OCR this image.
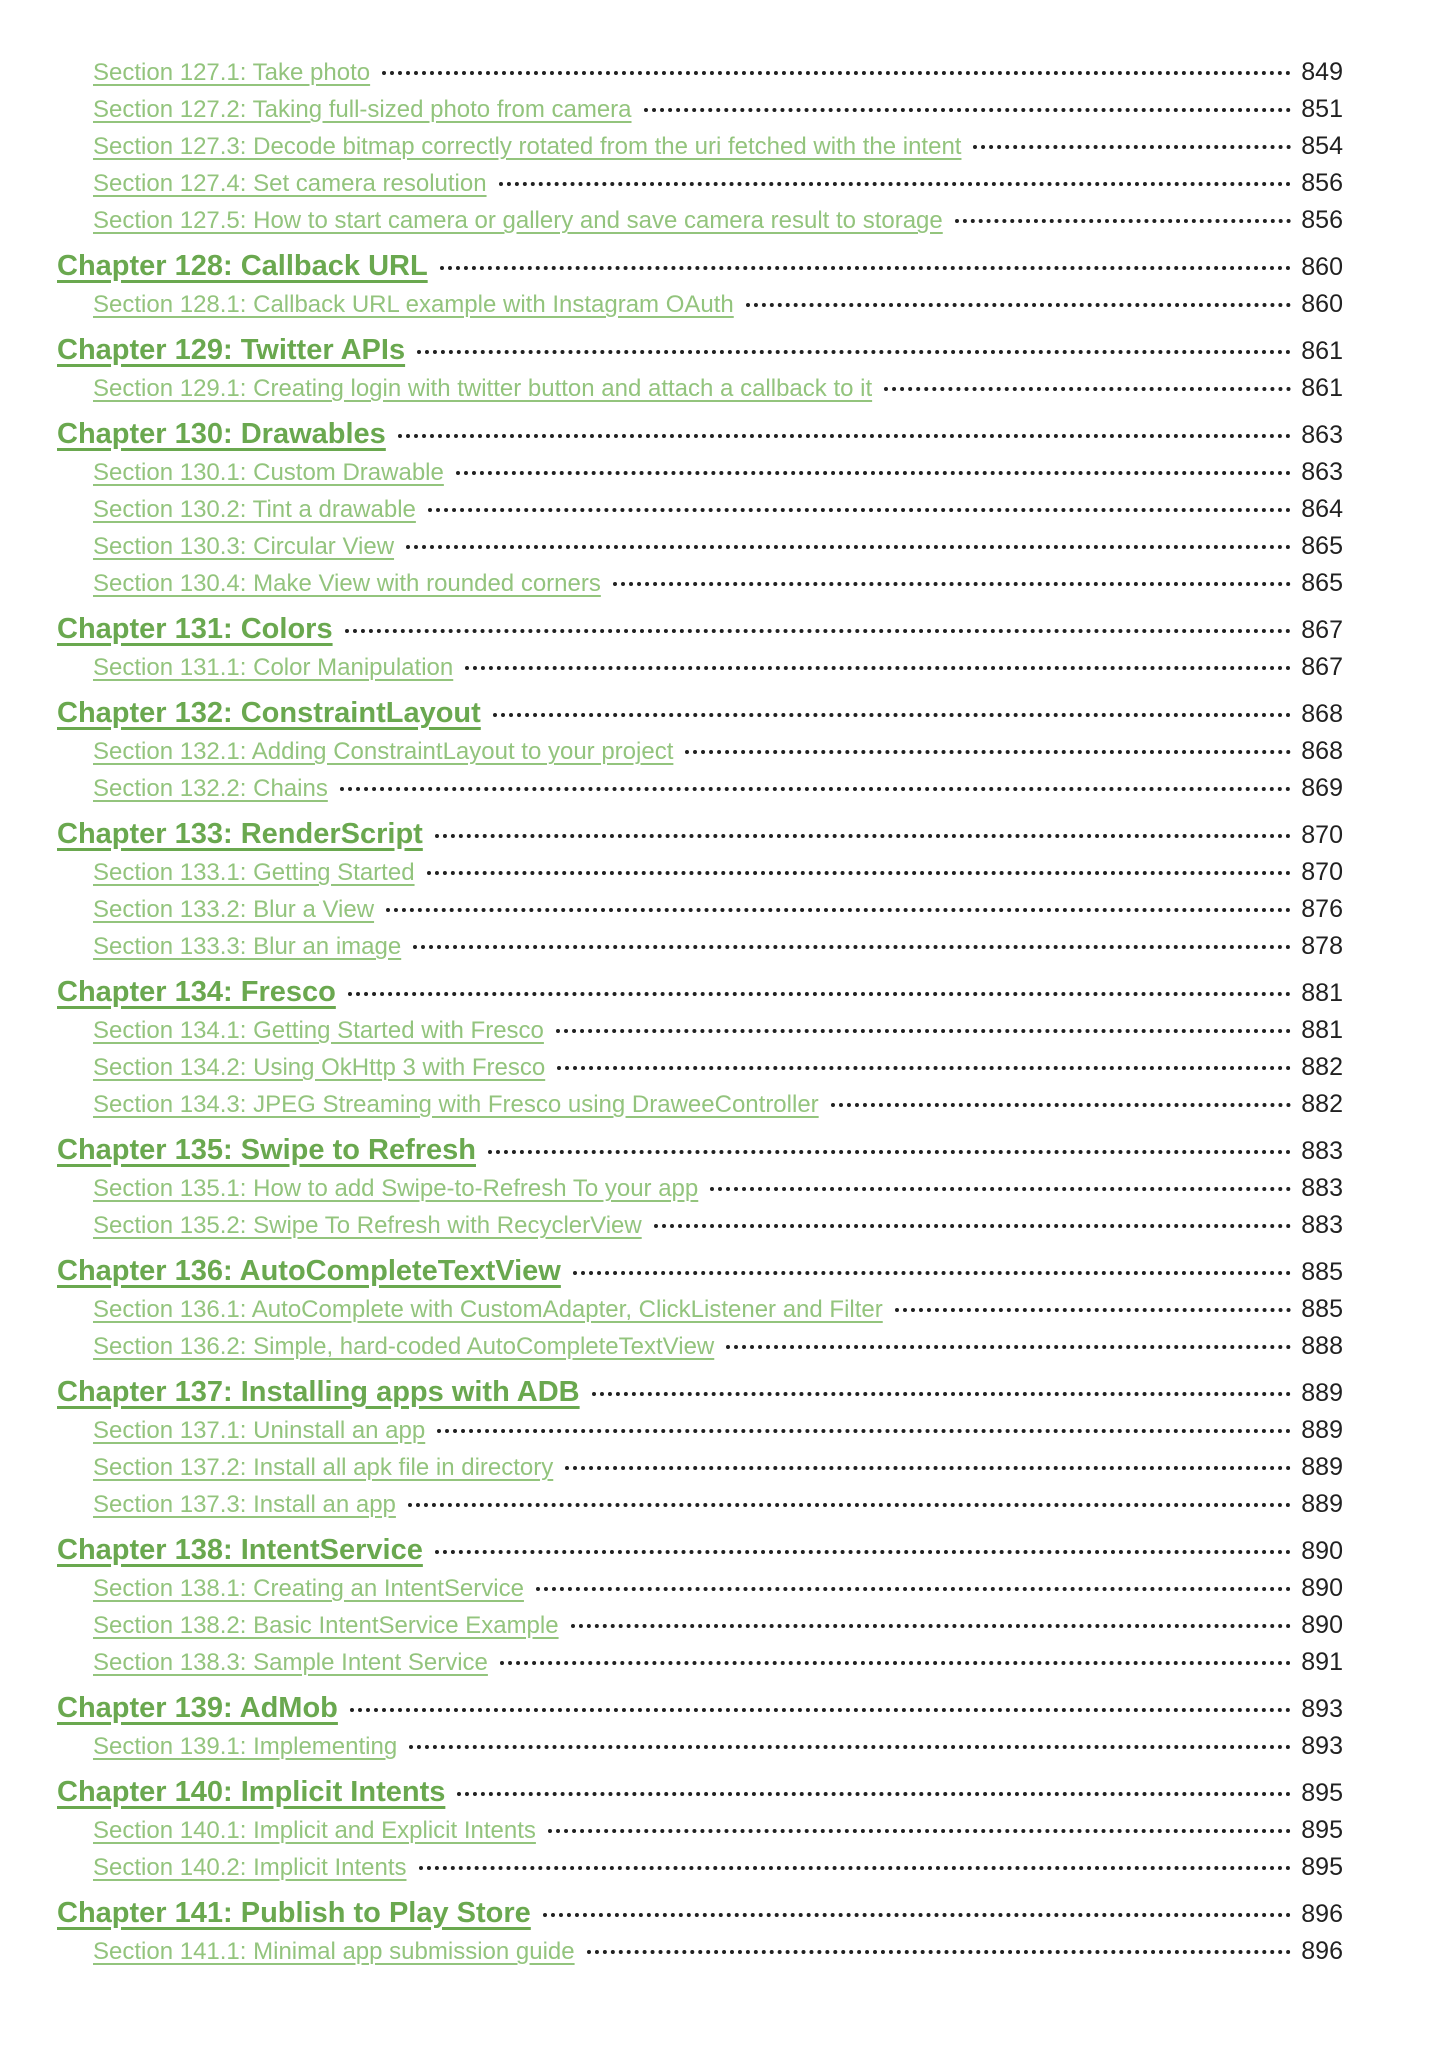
Section 127.1: Take photo	849
Section 127.2: Taking full-sized photo from camera	851
Section 127.3: Decode bitmap correctly rotated from the uri fetched with the intent	854
Section 127.4: Set camera resolution	856
Section 127.5: How to start camera or gallery and save camera result to storage	856
Chapter 128: Callback URL	860
Section 128.1: Callback URL example with Instagram OAuth	860
Chapter 129: Twitter APIs	861
Section 129.1: Creating login with twitter button and attach a callback to it	861
Chapter 130: Drawables	863
Section 130.1: Custom Drawable	863
Section 130.2: Tint a drawable	864
Section 130.3: Circular View	865
Section 130.4: Make View with rounded corners	865
Chapter 131: Colors	867
Section 131.1: Color Manipulation	867
Chapter 132: ConstraintLayout	868
Section 132.1: Adding ConstraintLayout to your project	868
Section 132.2: Chains	869
Chapter 133: RenderScript	870
Section 133.1: Getting Started	870
Section 133.2: Blur a View	876
Section 133.3: Blur an image	878
Chapter 134: Fresco	881
Section 134.1: Getting Started with Fresco	881
Section 134.2: Using OkHttp 3 with Fresco	882
Section 134.3: JPEG Streaming with Fresco using DraweeController	882
Chapter 135: Swipe to Refresh	883
Section 135.1: How to add Swipe-to-Refresh To your app	883
Section 135.2: Swipe To Refresh with RecyclerView	883
Chapter 136: AutoCompleteTextView	885
Section 136.1: AutoComplete with CustomAdapter, ClickListener and Filter	885
Section 136.2: Simple, hard-coded AutoCompleteTextView	888
Chapter 137: Installing apps with ADB	889
Section 137.1: Uninstall an app	889
Section 137.2: Install all apk file in directory	889
Section 137.3: Install an app	889
Chapter 138: IntentService	890
Section 138.1: Creating an IntentService	890
Section 138.2: Basic IntentService Example	890
Section 138.3: Sample Intent Service	891
Chapter 139: AdMob	893
Section 139.1: Implementing	893
Chapter 140: Implicit Intents	895
Section 140.1: Implicit and Explicit Intents	895
Section 140.2: Implicit Intents	895
Chapter 141: Publish to Play Store	896
Section 141.1: Minimal app submission guide	896
